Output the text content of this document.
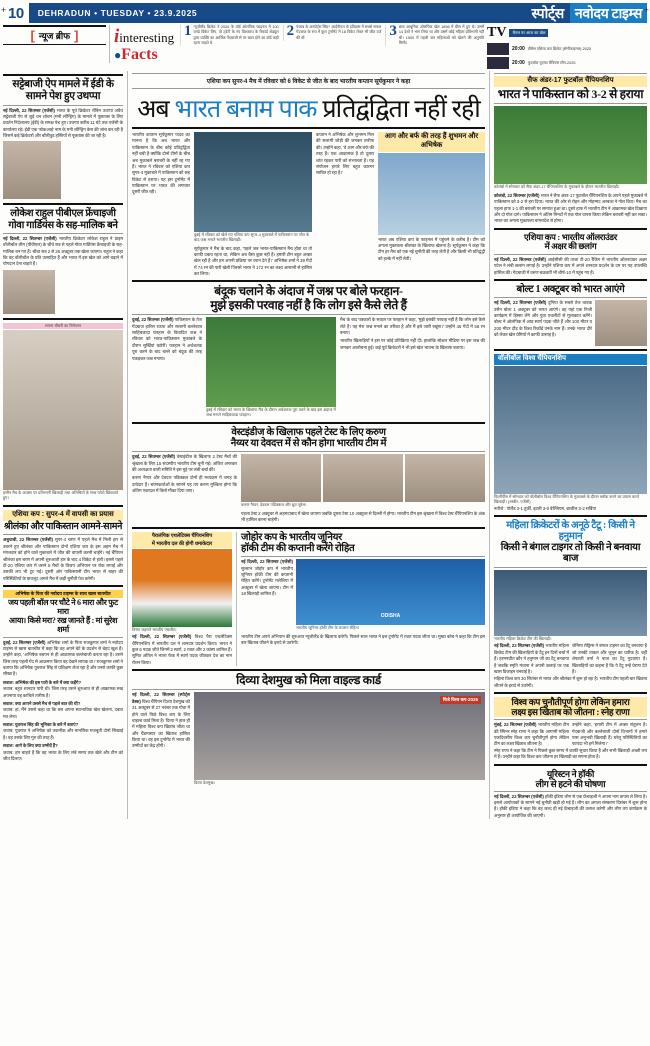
10	DEHRADUN • TUESDAY • 23.9.2025	स्पोर्ट्स नवोदय टाइम्स
[ न्यूज ब्रीफ ] iinteresting
●Facts
1 न्यूजीलैंड क्रिकेट ने 2026 के वॉर्ड ओलंपिक फाइनल में 100 वनडे विकेट लिए, वो ट्वेंटी के नए विश्वकप के रिकार्ड शेड्यूल द्वारा व्यक्ति का आर्थिक गेंदबाजी से पर खान होने का वॉर्ड कहीं रहना चाहते थे
2 पंजाब के अस्पोर्ट्स सिंह? आईपीएल के इतिहास में सबसे सफल गेंदबाज के रूप में कुल टूर्नामेंट में 18 विकेट लेकर भी जीत दर्ज की थी	3 छात्र आधुनिक ओलंपिक खेल 1896 में ग्रीस में हुए थे। उसमें 14 देशों ने भाग लिया था और उसमें कोई महिला प्रतिभागी नहीं थी। 1900 में पहली बार महिलाओं को खेलने की अनुमति मिली।
TV	चैनल पर आज का खेल
20:00 वीमेंस एशिया कप क्रिकेट (सेमीफाइनल)-2025
20:00 फुटबॉल यूएफा चैंपियंस लीग-2025
सट्टेबाजी ऐप मामले में ईडी के सामने पेश हुए उथप्पा
नई दिल्ली, 22 सितम्बर (एजेंसी) भारत के पूर्व क्रिकेटर रॉबिन उथप्पा अवैध सट्टेबाजी ऐप से जुड़े धन शोधन (मनी लॉन्ड्रिंग) के मामले में पूछताछ के लिए प्रवर्तन निदेशालय (ईडी) के समक्ष पेश हुए। उथप्पा करीब 11 घंटे तक एजेंसी के कार्यालय रहे। ईडी एक 'स्टेकआई' नाम के मनी लॉन्ड्रिंग केस की जांच कर रही है जिसमें कई क्रिकेटरों और बॉलीवुड हस्तियों से पूछताछ की जा रही है।
लोकेश राहुल पीबीएल फ्रेंचाइजी गोवा गार्डियंस के सह-मालिक बने
नई दिल्ली, 22 सितम्बर (एजेंसी) भारतीय क्रिकेटर लोकेश राहुल ने प्राइम वॉलीबॉल लीग (पीवीएल) के चौथे सत्र से पहले गोवा गार्डियंस फ्रेंचाइजी के सह-मालिक बन गए हैं। चौथा सत्र 2 से 26 अक्टूबर तक खेला जाएगा। राहुल ने कहा कि वह वॉलीबॉल के प्रति उत्साहित हैं और भारत में इस खेल को आगे बढ़ाने में योगदान देना चाहते हैं।
सपना चौधरी का रिसेप्शन
हसीन मैच के अवसर पर प्रतिभागी खिलाड़ी तथा अतिथियों के साथ फोटो खिंचवाते हुए।
एशिया कप : सुपर-4 में वापसी का प्रयास
श्रीलंका और पाकिस्तान आमने-सामने
अबुधाबी, 22 सितम्बर (एजेंसी) सुपर-4 चरण में पहले मैच में मिली हार से उबरने हुए श्रीलंका और पाकिस्तान दोनों एशिया कप के इस अहम मैच में मंगलवार को होने वाले मुकाबले में जीत की वापसी करनी चाहेंगे। नई चैंपियन श्रीलंका इस चरण में अपनी शुरुआती हार के बाद 4 विकेट से हारी। इससे पहले टी-20 एशिया कप में उसने 8 मैचों के विजय अभियान पर रोक लगाई और उसकी लय भी टूट गई। दूसरी ओर पाकिस्तानी टीम भारत से बाहर की परिस्थितियों के बावजूद अगले मैच में कड़ी चुनौती पेश करेगी।
अभिषेक के पिता की नवोदय टाइम्स के साथ खास बातचीत
जय पहली बॉल पर चौटे ने 6 मारा और फुट मारा
आया। किसे मरा? रख जानते हैं : मां सुरेश शर्मा
दुबई, 22 सितम्बर (एजेंसी) अभिषेक शर्मा के पिता राजकुमार शर्मा ने नवोदय टाइम्स से खास बातचीत में कहा कि वह अपने बेटे के प्रदर्शन से बेहद खुश हैं। उन्होंने कहा, 'अभिषेक बचपन से ही आक्रामक बल्लेबाजी करता रहा है। उसने जिस तरह पहली गेंद से आक्रमण किया वह देखने लायक था।' राजकुमार शर्मा ने बताया कि अभिषेक युवराज सिंह से प्रशिक्षण लेता रहा है और उनसे काफी कुछ सीखा है।
सवाल: अभिषेक की इस पारी के बारे में क्या कहेंगे?
जवाब: बहुत शानदार पारी थी। जिस तरह उसने शुरुआत से ही आक्रामक रुख अपनाया वह काबिले तारीफ है।
सवाल: क्या आपने उससे मैच से पहले बात की थी?
जवाब: हां, मैंने उससे कहा था कि बस अपना स्वाभाविक खेल खेलना, दबाव मत लेना।
सवाल: युवराज सिंह की भूमिका के बारे में बताएं?
जवाब: युवराज ने अभिषेक को तकनीक और मानसिक मजबूती दोनों सिखाई है। वह उसके लिए गुरु की तरह हैं।
सवाल: आगे के लिए क्या उम्मीदें हैं?
जवाब: हम चाहते हैं कि वह भारत के लिए लंबे समय तक खेले और टीम को जीत दिलाए।
एशिया कप सुपर-4 मैच में रविवार को 6 विकेट से जीत के बाद भारतीय कप्तान सूर्यकुमार ने कहा
अब भारत बनाम पाक प्रतिद्वंद्विता नहीं रही
भारतीय कप्तान सूर्यकुमार यादव का मानना है कि अब भारत और पाकिस्तान के बीच कोई प्रतिद्वंद्विता नहीं बची है क्योंकि दोनों टीमों के बीच अब मुकाबले बराबरी के नहीं रह गए हैं। भारत ने रविवार को एशिया कप सुपर-4 मुकाबले में पाकिस्तान को छह विकेट से हराया। यह इस टूर्नामेंट में पाकिस्तान पर भारत की लगातार दूसरी जीत रही।
दुबई में रविवार को खेले गए एशिया कप सुपर-4 मुकाबले में पाकिस्तान पर जीत के बाद जश्न मनाते भारतीय खिलाड़ी।
सूर्यकुमार ने मैच के बाद कहा, 'पहले जब भारत-पाकिस्तान मैच होता था तो काफी दबाव रहता था, लेकिन अब वैसा कुछ नहीं है। हमारी टीम बहुत अच्छा खेल रही है और हम अपनी प्रक्रिया पर ध्यान देते हैं।' अभिषेक शर्मा ने 39 गेंदों में 74 रन की पारी खेली जिससे भारत ने 172 रन का लक्ष्य आसानी से हासिल कर लिया।
कप्तान ने अभिषेक और शुभमन गिल की सलामी जोड़ी की जमकर तारीफ की। उन्होंने कहा, 'वे आग और बर्फ की तरह हैं। एक आक्रामक है तो दूसरा शांत रहकर पारी को संभालता है। यह संयोजन हमारे लिए बहुत कारगर साबित हो रहा है।'
आग और बर्फ की तरह हैं शुभमन और अभिषेक
भारत अब एशिया कप के फाइनल में पहुंचने के करीब है। टीम को अगला मुकाबला श्रीलंका के खिलाफ खेलना है। सूर्यकुमार ने कहा कि टीम हर मैच को एक नई चुनौती की तरह लेती है और किसी भी प्रतिद्वंद्वी को हल्के में नहीं लेती।
बंदूक चलाने के अंदाज में जश्न पर बोले फरहान-
मुझे इसकी परवाह नहीं है कि लोग इसे कैसे लेते हैं
दुबई, 22 सितम्बर (एजेंसी) पाकिस्तान के तेज गेंदबाज हारिस रऊफ और सलामी बल्लेबाज साहिबजादा फरहान के विवादित जश्न ने रविवार को भारत-पाकिस्तान मुकाबले के दौरान सुर्खियां बटोरीं। फरहान ने अर्धशतक पूरा करने के बाद बल्ले को बंदूक की तरह पकड़कर जश्न मनाया।
दुबई में रविवार को भारत के खिलाफ मैच के दौरान अर्धशतक पूरा करने के बाद इस अंदाज में जश्न मनाते साहिबजादा फरहान।
मैच के बाद पत्रकारों के सवाल पर फरहान ने कहा, 'मुझे इसकी परवाह नहीं है कि लोग इसे कैसे लेते हैं। यह मेरा जश्न मनाने का तरीका है और मैं इसे जारी रखूंगा।' उन्होंने 45 गेंदों में 58 रन बनाए।
भारतीय खिलाड़ियों ने इस पर कोई प्रतिक्रिया नहीं दी। हालांकि सोशल मीडिया पर इस जश्न की जमकर आलोचना हुई। कई पूर्व क्रिकेटरों ने भी इसे खेल भावना के खिलाफ बताया।
वेस्टइंडीज के खिलाफ पहले टेस्ट के लिए करुण
नैय्यर या देवदत्त में से कौन होगा भारतीय टीम में
दुबई, 22 सितम्बर (एजेंसी) वेस्टइंडीज के खिलाफ 2 टेस्ट मैचों की श्रृंखला के लिए 15 सदस्यीय भारतीय टीम चुनी गई। अजित अगरकर की अध्यक्षता वाली समिति ने इस मुद्दे पर लंबी चर्चा की।
करुण नैय्यर और देवदत्त पडिक्कल दोनों ही मध्यक्रम में जगह के दावेदार हैं। चयनकर्ताओं के सामने यह तय करना मुश्किल होगा कि अंतिम एकादश में किसे मौका दिया जाए।
करुण नैय्यर, देवदत्त पडिक्कल और ध्रुव जुरेल।
पहला टेस्ट 2 अक्टूबर से अहमदाबाद में खेला जाएगा जबकि दूसरा टेस्ट 10 अक्टूबर से दिल्ली में होगा। भारतीय टीम इस श्रृंखला में विश्व टेस्ट चैंपियनशिप के अंक भी हासिल करना चाहेगी।
पैरालंपिक एथलेटिक्स चैंपियनशिप
में भारतीय दल की होगी धमाकेदार
तिरंगा लहराते भारतीय एथलीट।
नई दिल्ली, 22 सितम्बर (एजेंसी) विश्व पैरा एथलेटिक्स चैंपियनशिप में भारतीय दल ने शानदार प्रदर्शन किया। भारत ने कुल 6 पदक जीते जिनमें 2 स्वर्ण, 2 रजत और 2 कांस्य शामिल हैं। सुमित अंतिल ने भाला फेंक में स्वर्ण पदक जीतकर देश का नाम रोशन किया।
जोहोर कप के भारतीय जूनियर
हॉकी टीम की कप्तानी करेंगे रोहित
नई दिल्ली, 22 सितम्बर (एजेंसी) सुल्तान जोहोर कप में भारतीय जूनियर हॉकी टीम की कप्तानी रोहित करेंगे। टूर्नामेंट मलेशिया में अक्टूबर में खेला जाएगा। टीम में 18 खिलाड़ी शामिल हैं।
ODISHA
भारतीय जूनियर हॉकी टीम के कप्तान रोहित।
भारतीय टीम अपने अभियान की शुरुआत न्यूजीलैंड के खिलाफ करेगी। पिछले साल भारत ने इस टूर्नामेंट में रजत पदक जीता था। मुख्य कोच ने कहा कि टीम इस बार खिताब जीतने के इरादे से उतरेगी।
दिव्या देशमुख को मिला वाइल्ड कार्ड
नई दिल्ली, 22 सितम्बर (स्पोर्ट्स डेस्क) विश्व चैंपियन दिव्या देशमुख को 31 अक्टूबर से 27 नवंबर तक गोवा में होने वाले फिडे विश्व कप के लिए वाइल्ड कार्ड मिला है। दिव्या ने हाल ही में महिला विश्व कप खिताब जीता था और ग्रैंडमास्टर का खिताब हासिल किया था। वह इस टूर्नामेंट में भारत की उम्मीदों का केंद्र होंगी।
फिडे विश्व कप-2025
दिव्या देशमुख।
सैफ अंडर-17 फुटबॉल चैंपियनशिप
भारत ने पाकिस्तान को 3-2 से हराया
कोलंबो में सोमवार को सैफ अंडर-17 चैंपियनशिप के मुकाबले के दौरान भारतीय खिलाड़ी।
कोलंबो, 22 सितम्बर (एजेंसी) भारत ने सैफ अंडर-17 फुटबॉल चैंपियनशिप के अपने पहले मुकाबले में पाकिस्तान को 3-2 से हरा दिया। भारत की ओर से रोहन और मोहम्मद अरबाश ने गोल किए। मैच का पहला हाफ 1-1 की बराबरी पर समाप्त हुआ था। दूसरे हाफ में भारतीय टीम ने आक्रामक खेल दिखाया और दो गोल दागे। पाकिस्तान ने अंतिम मिनटों में एक गोल वापस किया लेकिन बराबरी नहीं कर सका। भारत का अगला मुकाबला बांग्लादेश से होगा।
एशिया कप : भारतीय ऑलराउंडर
में अक्षर की छलांग
नई दिल्ली, 22 सितम्बर (एजेंसी) आईसीसी की ताजा टी-20 रैंकिंग में भारतीय ऑलराउंडर अक्षर पटेल ने लंबी छलांग लगाई है। उन्होंने एशिया कप में अपने शानदार प्रदर्शन के दम पर यह उपलब्धि हासिल की। गेंदबाजी में वरुण चक्रवर्ती भी शीर्ष-10 में पहुंच गए हैं।
बोल्ट 1 अक्टूबर को भारत आएंगे
नई दिल्ली, 22 सितम्बर (एजेंसी) दुनिया के सबसे तेज धावक उसैन बोल्ट 1 अक्टूबर को भारत आएंगे। वह यहां एक निजी कार्यक्रम में हिस्सा लेंगे और युवा एथलीटों से मुलाकात करेंगे। बोल्ट ने ओलंपिक में आठ स्वर्ण पदक जीते हैं और 100 मीटर व 200 मीटर दौड़ के विश्व रिकॉर्ड उनके नाम हैं। उनके भारत दौरे को लेकर खेल प्रेमियों में काफी उत्साह है।
वॉलीबॉल विश्व चैंपियनशिप
फिलीपींस में सोमवार को वॉलीबॉल विश्व चैंपियनशिप के मुकाबले के दौरान ब्लॉक करने का प्रयास करते खिलाड़ी। (तस्वीर- एजेंसी)
नतीजे : पोलैंड 3-1 तुर्की, इटली 3-0 बेल्जियम, ब्राजील 3-2 सर्बिया
महिला क्रिकेटरों के अनूठे टैटू : किसी ने हनुमान
किसी ने बंगाल टाइगर तो किसी ने बनवाया बाज
भारतीय महिला क्रिकेट टीम की खिलाड़ी।
नई दिल्ली, 22 सितम्बर (एजेंसी) भारतीय महिला क्रिकेट टीम की खिलाड़ियों के टैटू इन दिनों चर्चा में हैं। हरमनप्रीत कौर ने हनुमान जी का टैटू बनवाया है जबकि स्मृति मंधाना ने अपनी कलाई पर एक खास डिजाइन बनवाई है।
जेमिमा रोड्रिग्स ने बंगाल टाइगर का टैटू बनवाया है जो उनकी ताकत और जुनून का प्रतीक है। वहीं शेफाली वर्मा ने बाज का टैटू गुदवाया है। खिलाड़ियों का कहना है कि ये टैटू उन्हें प्रेरणा देते हैं।
महिला विश्व कप 30 सितंबर से भारत और श्रीलंका में शुरू हो रहा है। भारतीय टीम पहली बार खिताब जीतने के इरादे से उतरेगी।
विश्व कप चुनौतीपूर्ण होगा लेकिन हमारा
लक्ष्य इस खिताब को जीतना : स्नेह राणा
मुंबई, 22 सितम्बर (एजेंसी) भारतीय महिला टीम की स्पिनर स्नेह राणा ने कहा कि आगामी महिला एकदिवसीय विश्व कप चुनौतीपूर्ण होगा लेकिन टीम का लक्ष्य खिताब जीतना है।
उन्होंने कहा, 'हमारी टीम में अच्छा संतुलन है। गेंदबाजी और बल्लेबाजी दोनों विभागों में हमारे पास अनुभवी खिलाड़ी हैं। घरेलू परिस्थितियों का फायदा भी हमें मिलेगा।'
स्नेह राणा ने कहा कि टीम ने पिछले कुछ समय में काफी सुधार किया है और सभी खिलाड़ी अच्छी लय में हैं। उन्होंने कहा कि विश्व कप जीतना हर खिलाड़ी का सपना होता है।
यूरिस्टन ने हॉकी
लीग से हटने की घोषणा
नई दिल्ली, 22 सितम्बर (एजेंसी) हॉकी इंडिया लीग से एक फ्रेंचाइजी ने अपना नाम वापस ले लिया है। इससे आयोजकों के सामने नई चुनौती खड़ी हो गई है। लीग का अगला संस्करण दिसंबर में शुरू होना है। हॉकी इंडिया ने कहा कि वह जल्द ही नई फ्रेंचाइजी की तलाश करेगी और लीग तय कार्यक्रम के अनुसार ही आयोजित की जाएगी।
+	+
